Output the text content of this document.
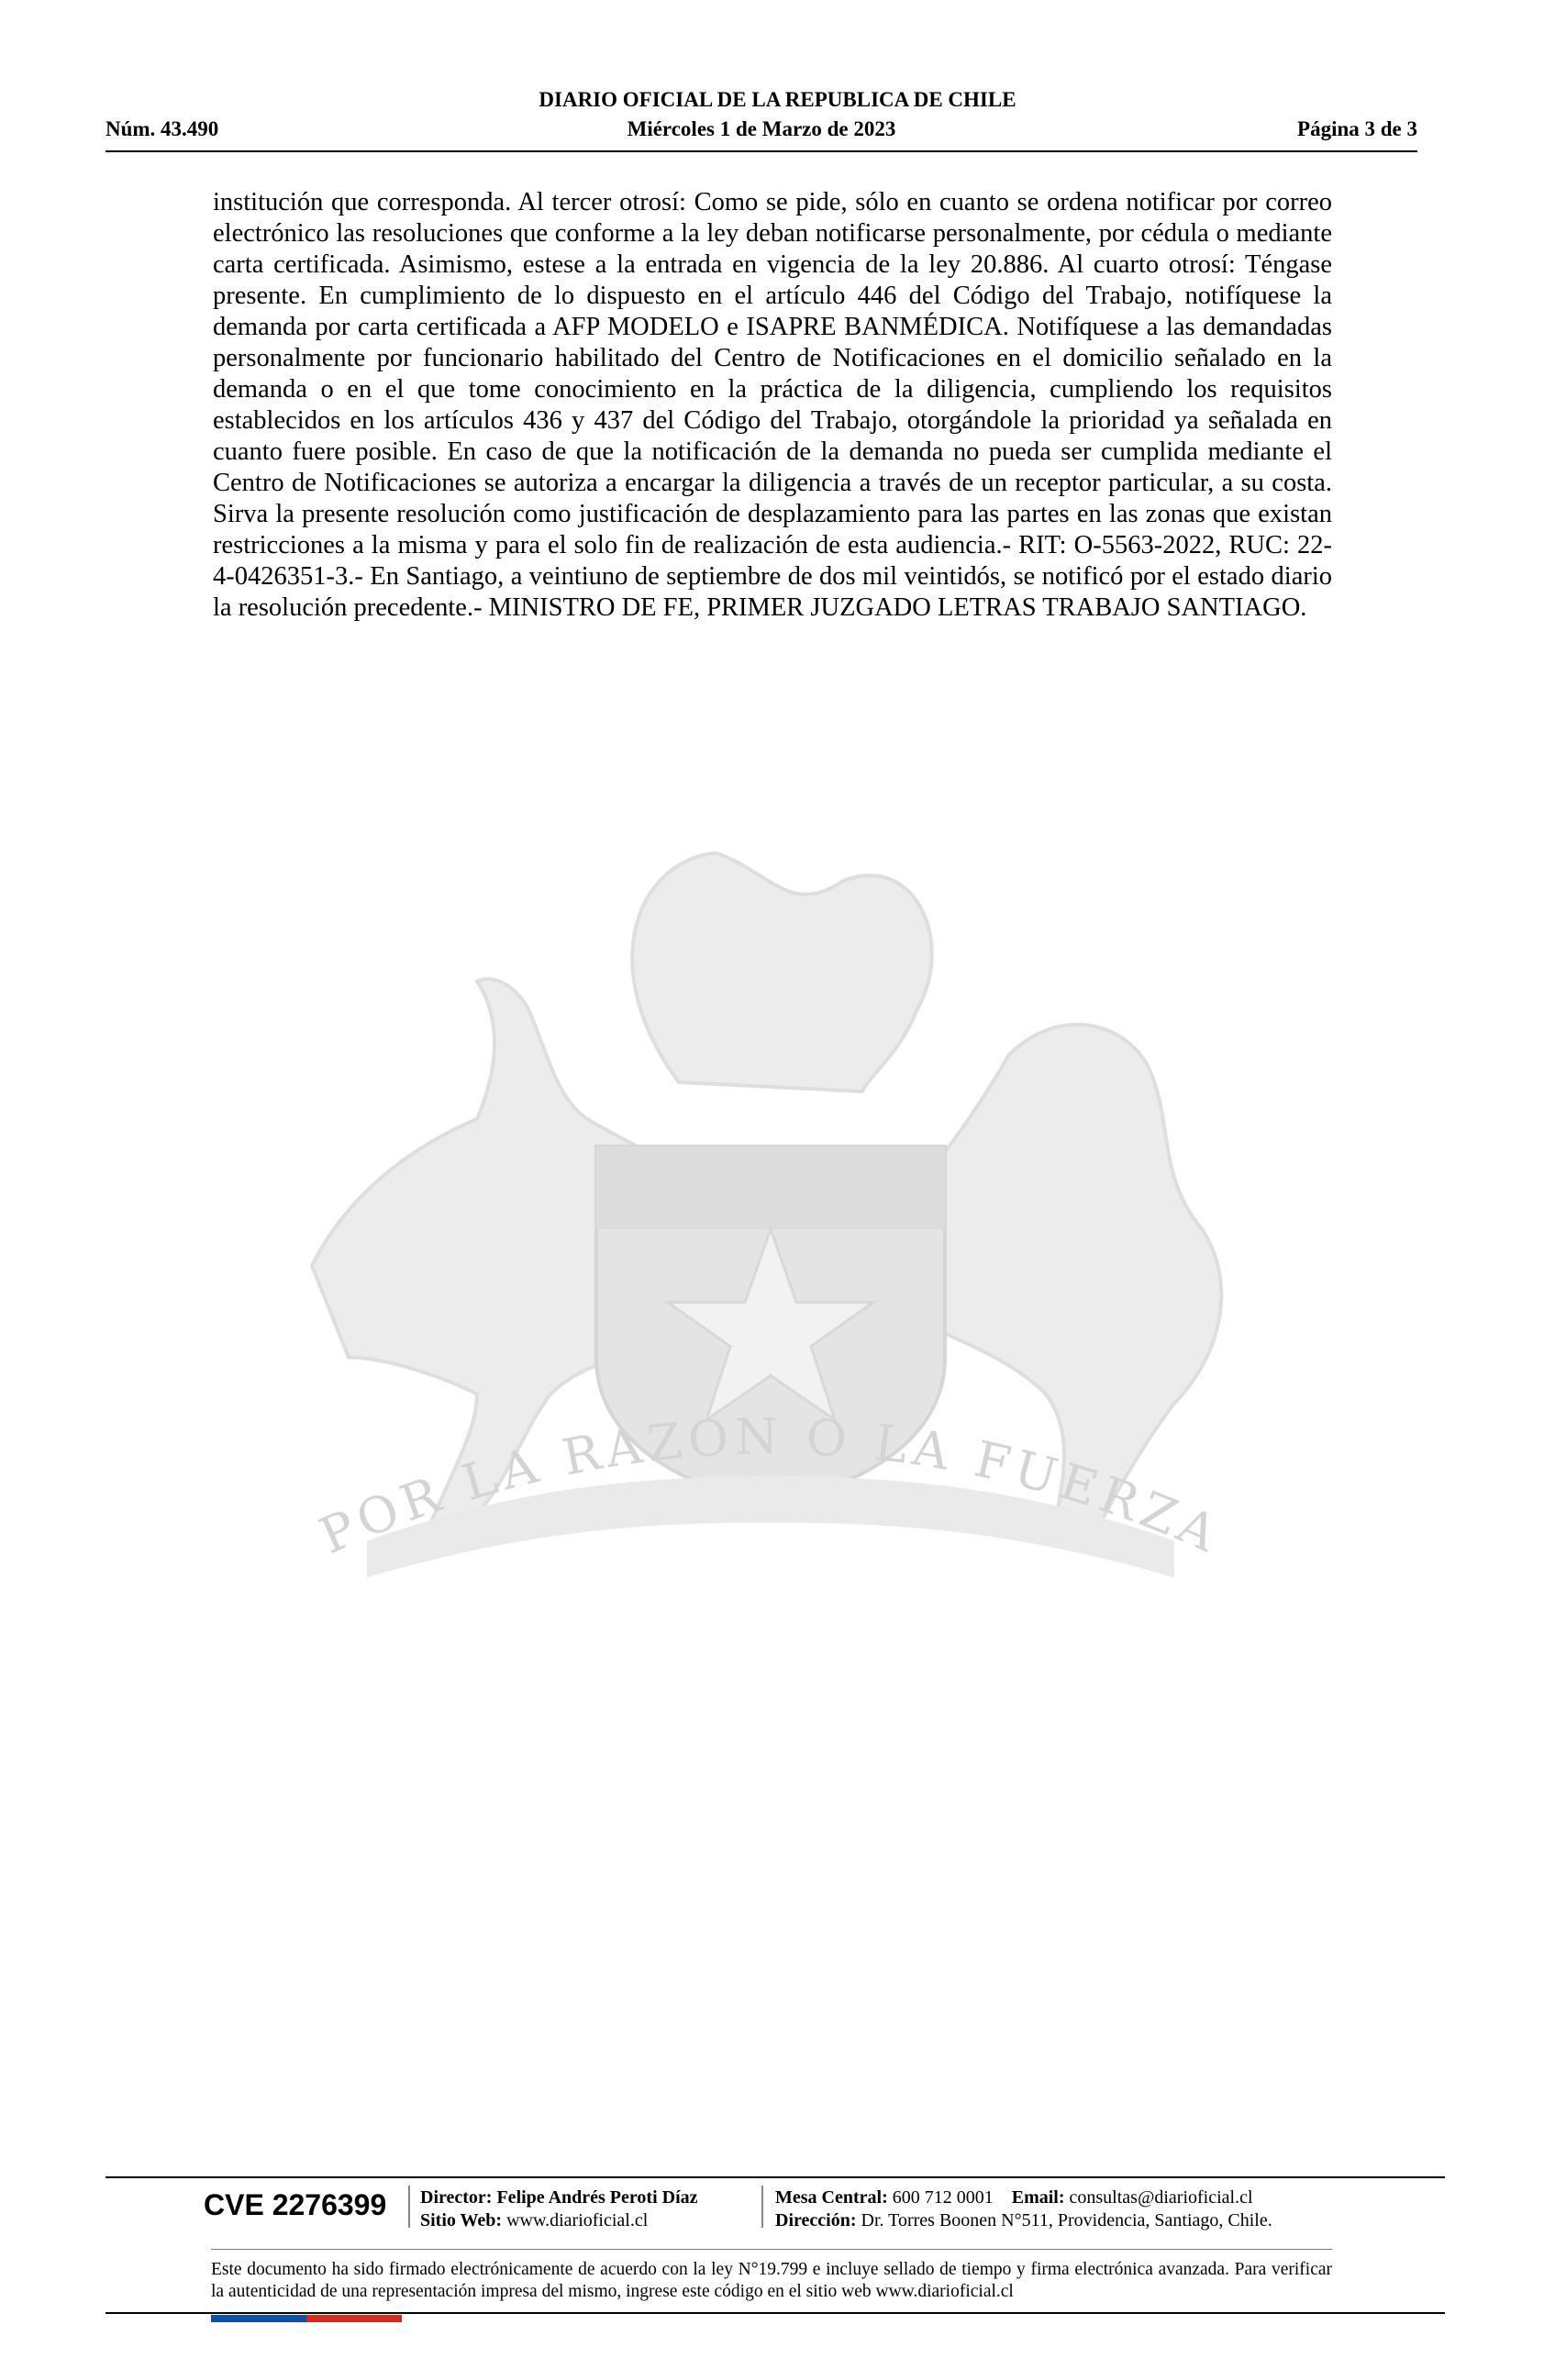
DIARIO OFICIAL DE LA REPUBLICA DE CHILE
Núm. 43.490	Miércoles 1 de Marzo de 2023	Página 3 de 3
institución que corresponda. Al tercer otrosí: Como se pide, sólo en cuanto se ordena notificar por correo electrónico las resoluciones que conforme a la ley deban notificarse personalmente, por cédula o mediante carta certificada. Asimismo, estese a la entrada en vigencia de la ley 20.886. Al cuarto otrosí: Téngase presente. En cumplimiento de lo dispuesto en el artículo 446 del Código del Trabajo, notifíquese la demanda por carta certificada a AFP MODELO e ISAPRE BANMÉDICA. Notifíquese a las demandadas personalmente por funcionario habilitado del Centro de Notificaciones en el domicilio señalado en la demanda o en el que tome conocimiento en la práctica de la diligencia, cumpliendo los requisitos establecidos en los artículos 436 y 437 del Código del Trabajo, otorgándole la prioridad ya señalada en cuanto fuere posible. En caso de que la notificación de la demanda no pueda ser cumplida mediante el Centro de Notificaciones se autoriza a encargar la diligencia a través de un receptor particular, a su costa. Sirva la presente resolución como justificación de desplazamiento para las partes en las zonas que existan restricciones a la misma y para el solo fin de realización de esta audiencia.- RIT: O-5563-2022, RUC: 22-4-0426351-3.- En Santiago, a veintiuno de septiembre de dos mil veintidós, se notificó por el estado diario la resolución precedente.- MINISTRO DE FE, PRIMER JUZGADO LETRAS TRABAJO SANTIAGO.
POR LA RAZON O LA FUERZA
CVE 2276399 Director: Felipe Andrés Peroti Díaz
Sitio Web: www.diarioficial.cl
Mesa Central: 600 712 0001 Email: consultas@diarioficial.cl
Dirección: Dr. Torres Boonen N°511, Providencia, Santiago, Chile.
Este documento ha sido firmado electrónicamente de acuerdo con la ley N°19.799 e incluye sellado de tiempo y firma electrónica avanzada. Para verificar la autenticidad de una representación impresa del mismo, ingrese este código en el sitio web www.diarioficial.cl
